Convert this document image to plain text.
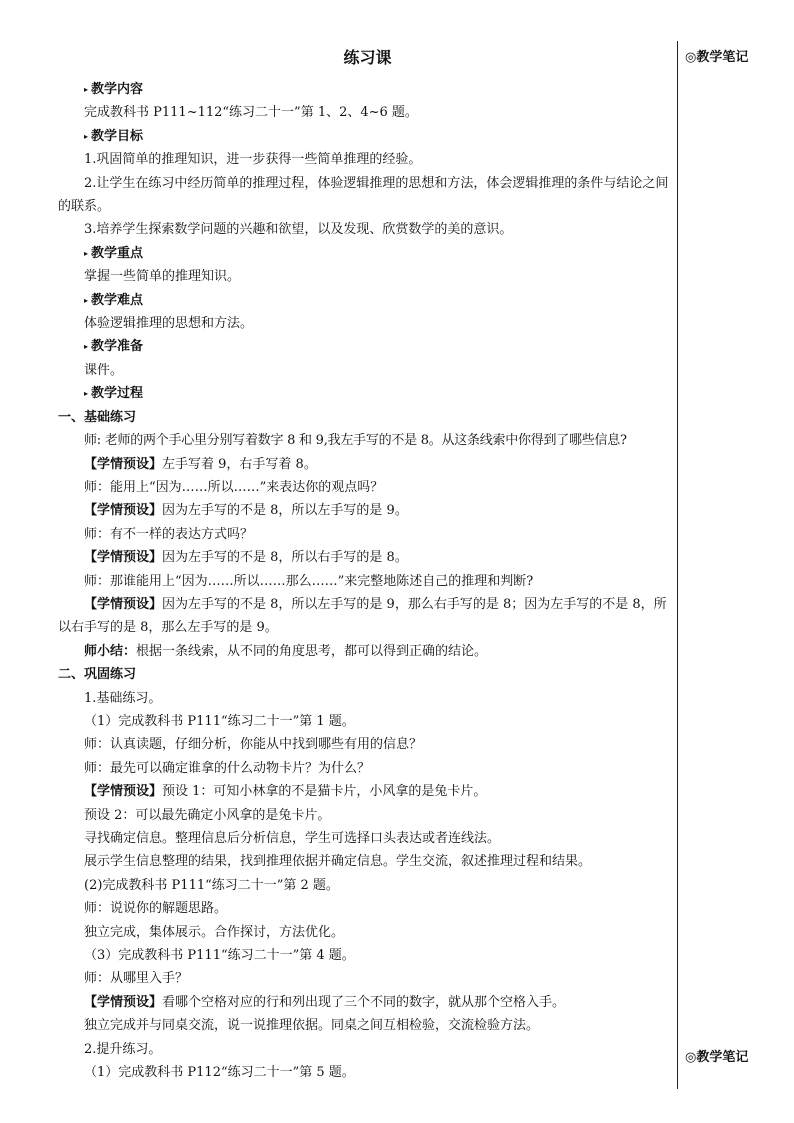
练习课
▸ 教学内容
完成教科书 P111~112“练习二十一”第 1、2、4~6 题。
▸ 教学目标
1.巩固简单的推理知识，进一步获得一些简单推理的经验。
2.让学生在练习中经历简单的推理过程，体验逻辑推理的思想和方法，体会逻辑推理的条件与结论之间的联系。
3.培养学生探索数学问题的兴趣和欲望，以及发现、欣赏数学的美的意识。
▸ 教学重点
掌握一些简单的推理知识。
▸ 教学难点
体验逻辑推理的思想和方法。
▸ 教学准备
课件。
▸ 教学过程
一、基础练习
师: 老师的两个手心里分别写着数字 8 和 9,我左手写的不是 8。从这条线索中你得到了哪些信息?
【学情预设】左手写着 9，右手写着 8。
师：能用上“因为……所以……”来表达你的观点吗？
【学情预设】因为左手写的不是 8，所以左手写的是 9。
师：有不一样的表达方式吗？
【学情预设】因为左手写的不是 8，所以右手写的是 8。
师：那谁能用上“因为……所以……那么……”来完整地陈述自己的推理和判断?
【学情预设】因为左手写的不是 8，所以左手写的是 9，那么右手写的是 8；因为左手写的不是 8，所以右手写的是 8，那么左手写的是 9。
师小结：根据一条线索，从不同的角度思考，都可以得到正确的结论。
二、巩固练习
1.基础练习。
（1）完成教科书 P111“练习二十一”第 1 题。
师：认真读题，仔细分析，你能从中找到哪些有用的信息？
师：最先可以确定谁拿的什么动物卡片？为什么？
【学情预设】预设 1：可知小林拿的不是猫卡片，小风拿的是兔卡片。
预设 2：可以最先确定小风拿的是兔卡片。
寻找确定信息。整理信息后分析信息，学生可选择口头表达或者连线法。
展示学生信息整理的结果，找到推理依据并确定信息。学生交流，叙述推理过程和结果。
(2)完成教科书 P111“练习二十一”第 2 题。
师：说说你的解题思路。
独立完成，集体展示。合作探讨，方法优化。
（3）完成教科书 P111“练习二十一”第 4 题。
师：从哪里入手？
【学情预设】看哪个空格对应的行和列出现了三个不同的数字，就从那个空格入手。
独立完成并与同桌交流，说一说推理依据。同桌之间互相检验，交流检验方法。
2.提升练习。
（1）完成教科书 P112“练习二十一”第 5 题。
◎教学笔记
◎教学笔记
